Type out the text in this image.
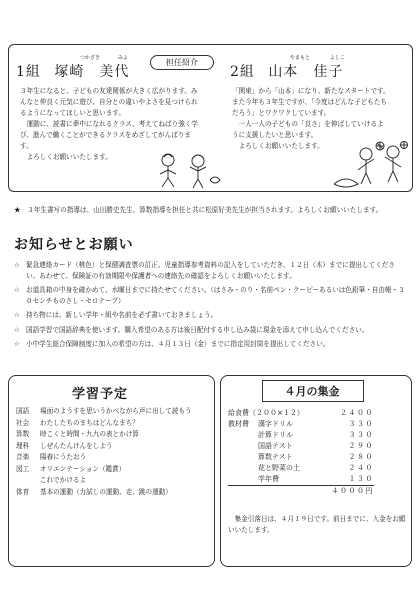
担任紹介
つかざき	みよ
1組 塚崎　美代

３年生になると、子どもの友達関係が大きく広がります。みんなと仲良く元気に遊び、自分との違いやよさを見つけられるようになってほしいと思います。
　運動に、読書に夢中になれるクラス、考えてねばり強く学び、進んで働くことができるクラスをめざしてがんばります。
　よろしくお願いいたします。

やまもと	よしこ
2組 山本　佳子

「関東」から「山本」になり、新たなスタートです。また今年も３年生ですが、「今度はどんな子どもたちだろう」とワクワクしています。
　一人一人の子どもの「良さ」を伸ばしていけるように支援したいと思います。
　よろしくお願いいたします。

★　３年生書写の指導は、山田勝史先生、算数指導を担任と共に松原好美先生が担当されます。よろしくお願いいたします。

お知らせとお願い
☆ 緊急連絡カード（桃色）と保健調査票の訂正、児童指導参考資料の記入をしていただき、１２日（木）までに提出してください。あわせて、保険証の有効期限や保護者への連絡先の確認をよろしくお願いいたします。
☆ お道具箱の中身を確かめて、水曜日までに持たせてください。（はさみ・のり・名前ペン・クーピーあるいは色鉛筆・自由帳・３０センチものさし・セロテープ）
☆ 持ち物には、新しい学年・組や名前を必ず書いておきましょう。
☆ 国語学習で国語辞典を使います。購入希望のある方は後日配付する申し込み袋に現金を添えて申し込んでください。
☆ 小中学生総合保障制度に加入の希望の方は、４月１３日（金）までに指定用封筒を提出してください。
学習予定
国語	場面のようすを思いうかべながら声に出して読もう
社会	わたしたちのまちはどんなまち？
算数	時こくと時間・九九の表とかけ算
理科	しぜんたんけんをしよう
音楽	陽春にうたおう
図工	オリエンテーション（鑑賞）
これでかけるよ
体育	基本の運動（力試しの運動、走、跳の運動）
４月の集金
給食費（２００×１２）		２４００
教材費	漢字ドリル	３３０
	計算ドリル	３３０
	国語テスト	２９０
	算数テスト	２８０
	花と野菜の土	２４０
	学年費	１３０
		４０００円

集金引落日は、４月１９日です。前日までに、入金をお願いいたします。
